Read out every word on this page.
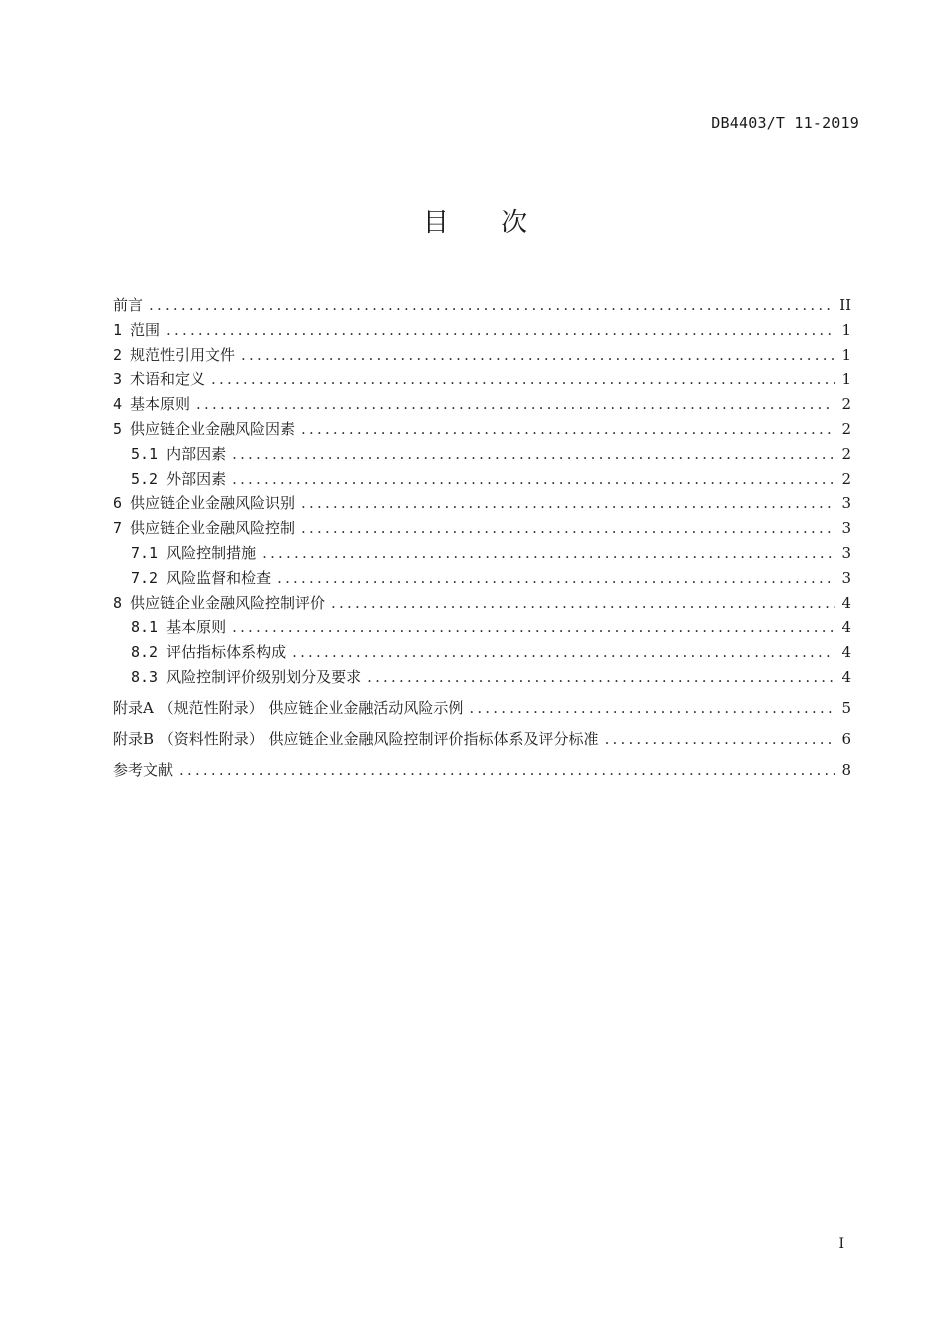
DB4403/T 11-2019
目 次
前言 .....	II
1 范围 .....	1
2 规范性引用文件 .....	1
3 术语和定义 .....	1
4 基本原则 .....	2
5 供应链企业金融风险因素 .....	2
5.1 内部因素 .....	2
5.2 外部因素 .....	2
6 供应链企业金融风险识别 .....	3
7 供应链企业金融风险控制 .....	3
7.1 风险控制措施 .....	3
7.2 风险监督和检查 .....	3
8 供应链企业金融风险控制评价 .....	4
8.1 基本原则 .....	4
8.2 评估指标体系构成 .....	4
8.3 风险控制评价级别划分及要求 .....	4
附录A （规范性附录） 供应链企业金融活动风险示例 .....	5
附录B （资料性附录） 供应链企业金融风险控制评价指标体系及评分标准 .....	6
参考文献 .....	8
I
